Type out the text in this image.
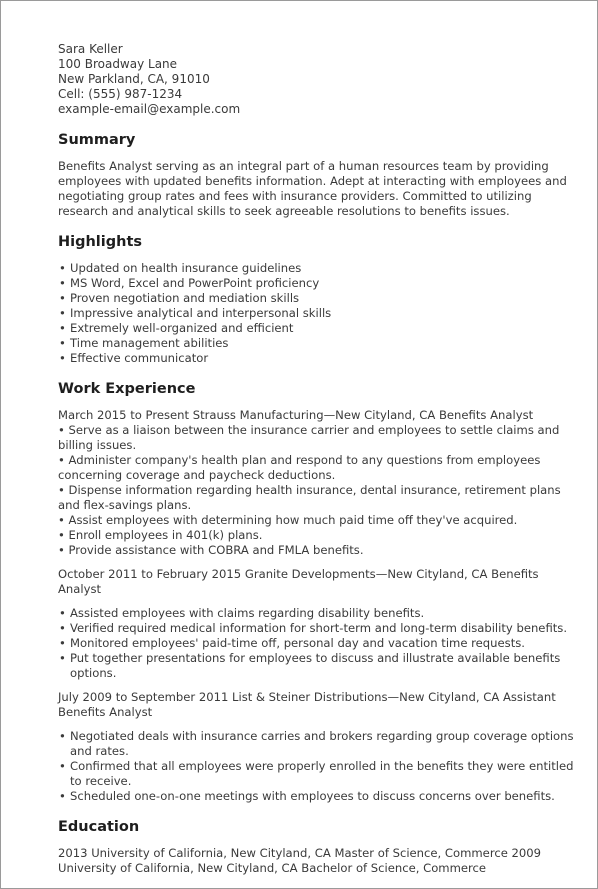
Sara Keller

100 Broadway Lane

New Parkland, CA, 91010

Cell: (555) 987-1234

example-email@example.com

Summary

Benefits Analyst serving as an integral part of a human resources team by providing employees with updated benefits information. Adept at interacting with employees and negotiating group rates and fees with insurance providers. Committed to utilizing research and analytical skills to seek agreeable resolutions to benefits issues.

Highlights
• Updated on health insurance guidelines
• MS Word, Excel and PowerPoint proficiency
• Proven negotiation and mediation skills
• Impressive analytical and interpersonal skills
• Extremely well-organized and efficient
• Time management abilities
• Effective communicator
Work Experience

March 2015 to Present Strauss Manufacturing—New Cityland, CA Benefits Analyst

• Serve as a liaison between the insurance carrier and employees to settle claims and billing issues.

• Administer company's health plan and respond to any questions from employees concerning coverage and paycheck deductions.

• Dispense information regarding health insurance, dental insurance, retirement plans and flex-savings plans.

• Assist employees with determining how much paid time off they've acquired.

• Enroll employees in 401(k) plans.

• Provide assistance with COBRA and FMLA benefits.

October 2011 to February 2015 Granite Developments—New Cityland, CA Benefits Analyst

• Assisted employees with claims regarding disability benefits.
• Verified required medical information for short-term and long-term disability benefits.
• Monitored employees' paid-time off, personal day and vacation time requests.
• Put together presentations for employees to discuss and illustrate available benefits options.

July 2009 to September 2011 List & Steiner Distributions—New Cityland, CA Assistant Benefits Analyst

• Negotiated deals with insurance carries and brokers regarding group coverage options and rates.
• Confirmed that all employees were properly enrolled in the benefits they were entitled to receive.
• Scheduled one-on-one meetings with employees to discuss concerns over benefits.
Education

2013 University of California, New Cityland, CA Master of Science, Commerce 2009 University of California, New Cityland, CA Bachelor of Science, Commerce
